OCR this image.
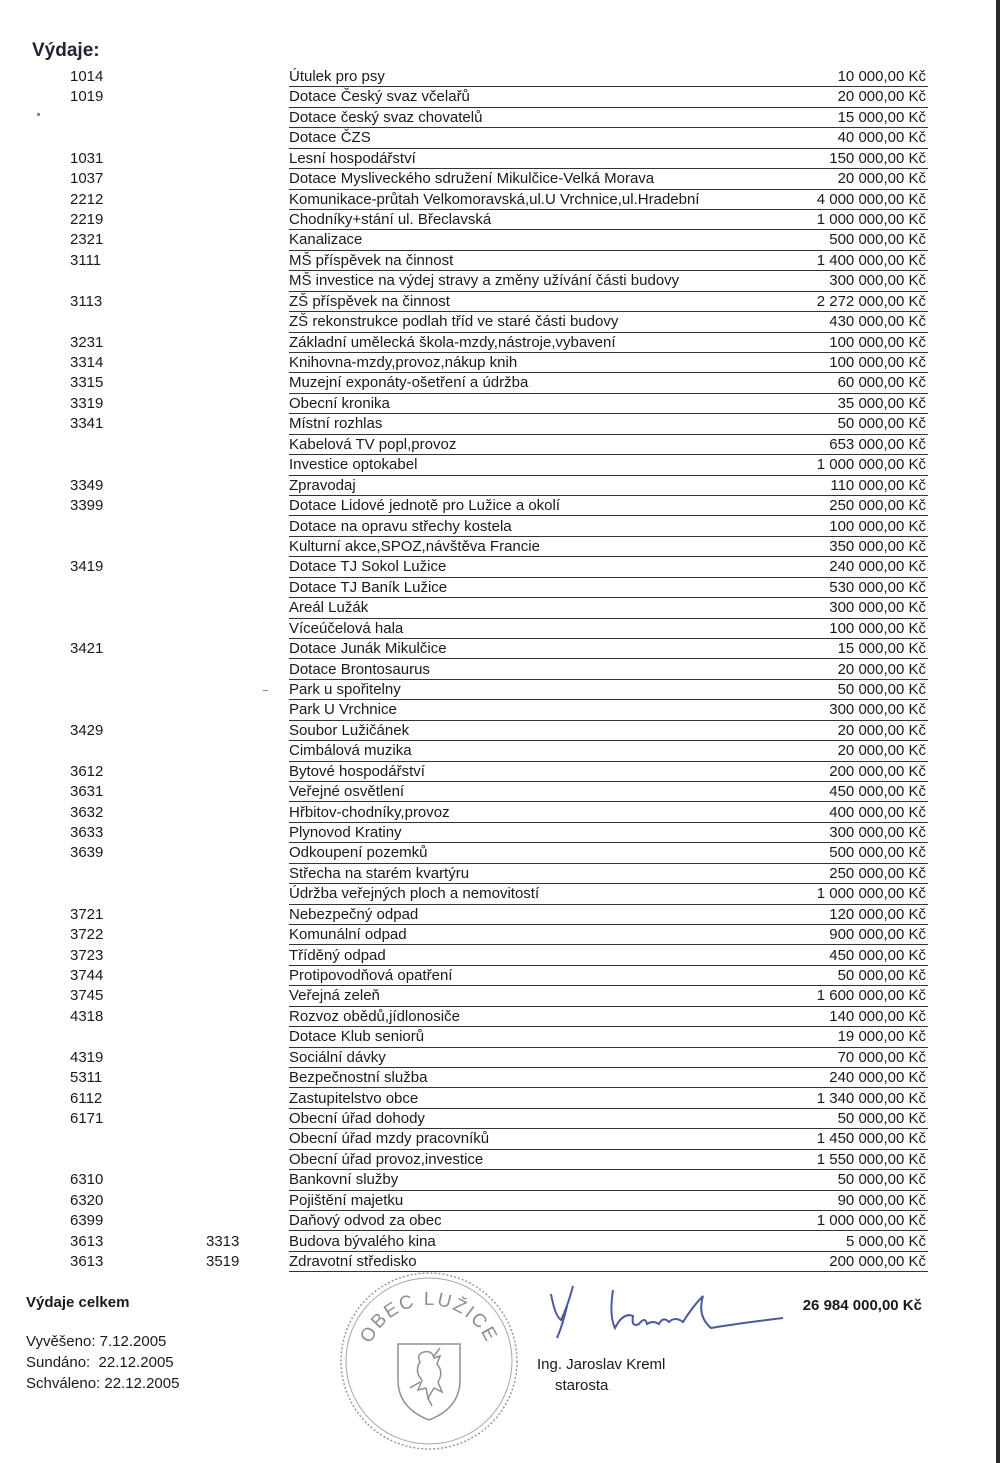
Výdaje:
1014	Útulek pro psy	10 000,00 Kč
1019	Dotace Český svaz včelařů	20 000,00 Kč
Dotace český svaz chovatelů	15 000,00 Kč
Dotace ČZS	40 000,00 Kč
1031	Lesní hospodářství	150 000,00 Kč
1037	Dotace Mysliveckého sdružení Mikulčice-Velká Morava	20 000,00 Kč
2212	Komunikace-průtah Velkomoravská,ul.U Vrchnice,ul.Hradební	4 000 000,00 Kč
2219	Chodníky+stání ul. Břeclavská	1 000 000,00 Kč
2321	Kanalizace	500 000,00 Kč
3111	MŠ příspěvek na činnost	1 400 000,00 Kč
MŠ investice na výdej stravy a změny užívání části budovy	300 000,00 Kč
3113	ZŠ příspěvek na činnost	2 272 000,00 Kč
ZŠ rekonstrukce podlah tříd ve staré části budovy	430 000,00 Kč
3231	Základní umělecká škola-mzdy,nástroje,vybavení	100 000,00 Kč
3314	Knihovna-mzdy,provoz,nákup knih	100 000,00 Kč
3315	Muzejní exponáty-ošetření a údržba	60 000,00 Kč
3319	Obecní kronika	35 000,00 Kč
3341	Místní rozhlas	50 000,00 Kč
Kabelová TV popl,provoz	653 000,00 Kč
Investice optokabel	1 000 000,00 Kč
3349	Zpravodaj	110 000,00 Kč
3399	Dotace Lidové jednotě pro Lužice a okolí	250 000,00 Kč
Dotace na opravu střechy kostela	100 000,00 Kč
Kulturní akce,SPOZ,návštěva Francie	350 000,00 Kč
3419	Dotace TJ Sokol Lužice	240 000,00 Kč
Dotace TJ Baník Lužice	530 000,00 Kč
Areál Lužák	300 000,00 Kč
Víceúčelová hala	100 000,00 Kč
3421	Dotace Junák Mikulčice	15 000,00 Kč
Dotace Brontosaurus	20 000,00 Kč
Park u spořitelny	50 000,00 Kč
Park U Vrchnice	300 000,00 Kč
3429	Soubor Lužičánek	20 000,00 Kč
Cimbálová muzika	20 000,00 Kč
3612	Bytové hospodářství	200 000,00 Kč
3631	Veřejné osvětlení	450 000,00 Kč
3632	Hřbitov-chodníky,provoz	400 000,00 Kč
3633	Plynovod Kratiny	300 000,00 Kč
3639	Odkoupení pozemků	500 000,00 Kč
Střecha na starém kvartýru	250 000,00 Kč
Údržba veřejných ploch a nemovitostí	1 000 000,00 Kč
3721	Nebezpečný odpad	120 000,00 Kč
3722	Komunální odpad	900 000,00 Kč
3723	Tříděný odpad	450 000,00 Kč
3744	Protipovodňová opatření	50 000,00 Kč
3745	Veřejná zeleň	1 600 000,00 Kč
4318	Rozvoz obědů,jídlonosiče	140 000,00 Kč
Dotace Klub seniorů	19 000,00 Kč
4319	Sociální dávky	70 000,00 Kč
5311	Bezpečnostní služba	240 000,00 Kč
6112	Zastupitelstvo obce	1 340 000,00 Kč
6171	Obecní úřad dohody	50 000,00 Kč
Obecní úřad mzdy pracovníků	1 450 000,00 Kč
Obecní úřad provoz,investice	1 550 000,00 Kč
6310	Bankovní služby	50 000,00 Kč
6320	Pojištění majetku	90 000,00 Kč
6399	Daňový odvod za obec	1 000 000,00 Kč
3613	3313	Budova bývalého kina	5 000,00 Kč
3613	3519	Zdravotní středisko	200 000,00 Kč
Výdaje celkem	26 984 000,00 Kč
Vyvěšeno: 7.12.2005
Sundáno:  22.12.2005
Schváleno: 22.12.2005
OBEC LUŽICE
Ing. Jaroslav Kreml
starosta
